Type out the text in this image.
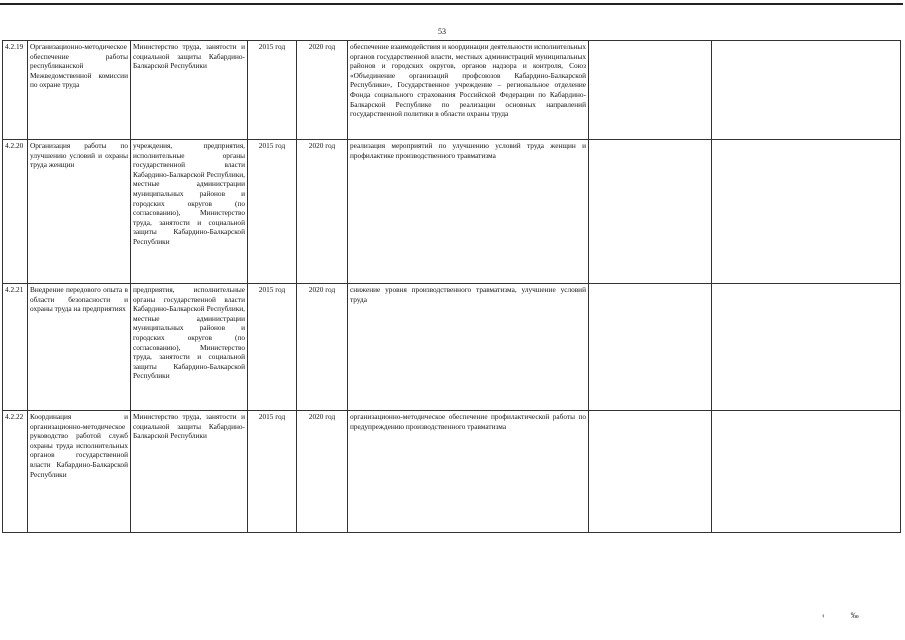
53
4.2.19	Организационно-методическое обеспечение работы республиканской Межведомственной комиссии по охране труда	Министерство труда, занятости и социальной защиты Кабардино-Балкарской Республики	2015 год	2020 год	обеспечение взаимодействия и координации деятельности исполнительных органов государственной власти, местных администраций муниципальных районов и городских округов, органов надзора и контроля, Союз «Объединение организаций профсоюзов Кабардино-Балкарской Республики», Государственное учреждение – региональное отделение Фонда социального страхования Российской Федерации по Кабардино-Балкарской Республике по реализации основных направлений государственной политики в области охраны труда		
4.2.20	Организация работы по улучшению условий и охраны труда женщин	учреждения, предприятия, исполнительные органы государственной власти Кабардино-Балкарской Республики, местные администрации муниципальных районов и городских округов (по согласованию), Министерство труда, занятости и социальной защиты Кабардино-Балкарской Республики	2015 год	2020 год	реализация мероприятий по улучшению условий труда женщин и профилактике производственного травматизма		
4.2.21	Внедрение передового опыта в области безопасности и охраны труда на предприятиях	предприятия, исполнительные органы государственной власти Кабардино-Балкарской Республики, местные администрации муниципальных районов и городских округов (по согласованию), Министерство труда, занятости и социальной защиты Кабардино-Балкарской Республики	2015 год	2020 год	снижение уровня производственного травматизма, улучшение условий труда		
4.2.22	Координация и организационно-методическое руководство работой служб охраны труда исполнительных органов государственной власти Кабардино-Балкарской Республики	Министерство труда, занятости и социальной защиты Кабардино-Балкарской Республики	2015 год	2020 год	организационно-методическое обеспечение профилактической работы по предупреждению производственного травматизма		
‹	‰
